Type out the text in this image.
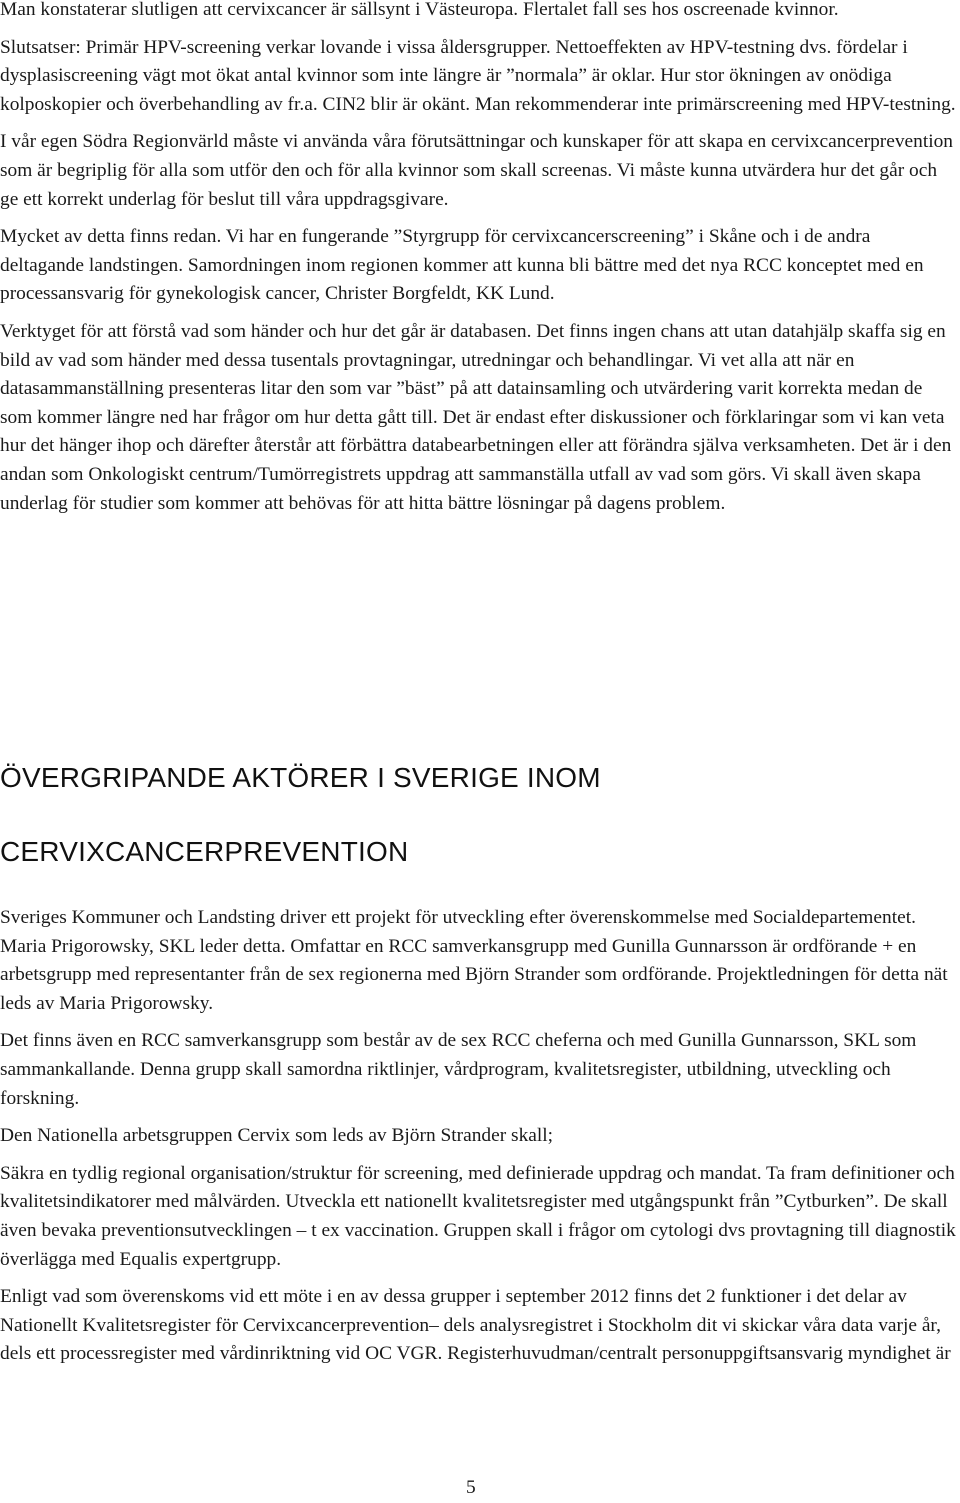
Man konstaterar slutligen att cervixcancer är sällsynt i Västeuropa. Flertalet fall ses hos oscreenade kvinnor.

Slutsatser: Primär HPV-screening verkar lovande i vissa åldersgrupper. Nettoeffekten av HPV-testning dvs. fördelar i dysplasiscreening vägt mot ökat antal kvinnor som inte längre är ”normala” är oklar. Hur stor ökningen av onödiga kolposkopier och överbehandling av fr.a. CIN2 blir är okänt. Man rekommenderar inte primärscreening med HPV-testning.

I vår egen Södra Regionvärld måste vi använda våra förutsättningar och kunskaper för att skapa en cervixcancerprevention som är begriplig för alla som utför den och för alla kvinnor som skall screenas. Vi måste kunna utvärdera hur det går och ge ett korrekt underlag för beslut till våra uppdragsgivare.

Mycket av detta finns redan. Vi har en fungerande ”Styrgrupp för cervixcancerscreening” i Skåne och i de andra deltagande landstingen. Samordningen inom regionen kommer att kunna bli bättre med det nya RCC konceptet med en processansvarig för gynekologisk cancer, Christer Borgfeldt, KK Lund.

Verktyget för att förstå vad som händer och hur det går är databasen. Det finns ingen chans att utan datahjälp skaffa sig en bild av vad som händer med dessa tusentals provtagningar, utredningar och behandlingar. Vi vet alla att när en datasammanställning presenteras litar den som var ”bäst” på att datainsamling och utvärdering varit korrekta medan de som kommer längre ned har frågor om hur detta gått till. Det är endast efter diskussioner och förklaringar som vi kan veta hur det hänger ihop och därefter återstår att förbättra databearbetningen eller att förändra själva verksamheten. Det är i den andan som Onkologiskt centrum/Tumörregistrets uppdrag att sammanställa utfall av vad som görs. Vi skall även skapa underlag för studier som kommer att behövas för att hitta bättre lösningar på dagens problem.

ÖVERGRIPANDE AKTÖRER I SVERIGE INOM
CERVIXCANCERPREVENTION

Sveriges Kommuner och Landsting driver ett projekt för utveckling efter överenskommelse med Socialdepartementet. Maria Prigorowsky, SKL leder detta. Omfattar en RCC samverkansgrupp med Gunilla Gunnarsson är ordförande + en arbetsgrupp med representanter från de sex regionerna med Björn Strander som ordförande. Projektledningen för detta nät leds av Maria Prigorowsky.

Det finns även en RCC samverkansgrupp som består av de sex RCC cheferna och med Gunilla Gunnarsson, SKL som sammankallande. Denna grupp skall samordna riktlinjer, vårdprogram, kvalitetsregister, utbildning, utveckling och forskning.

Den Nationella arbetsgruppen Cervix som leds av Björn Strander skall;

Säkra en tydlig regional organisation/struktur för screening, med definierade uppdrag och mandat. Ta fram definitioner och kvalitetsindikatorer med målvärden. Utveckla ett nationellt kvalitetsregister med utgångspunkt från ”Cytburken”. De skall även bevaka preventionsutvecklingen – t ex vaccination. Gruppen skall i frågor om cytologi dvs provtagning till diagnostik överlägga med Equalis expertgrupp.

Enligt vad som överenskoms vid ett möte i en av dessa grupper i september 2012 finns det 2 funktioner i det delar av Nationellt Kvalitetsregister för Cervixcancerprevention– dels analysregistret i Stockholm dit vi skickar våra data varje år, dels ett processregister med vårdinriktning vid OC VGR. Registerhuvudman/centralt personuppgiftsansvarig myndighet är

5
